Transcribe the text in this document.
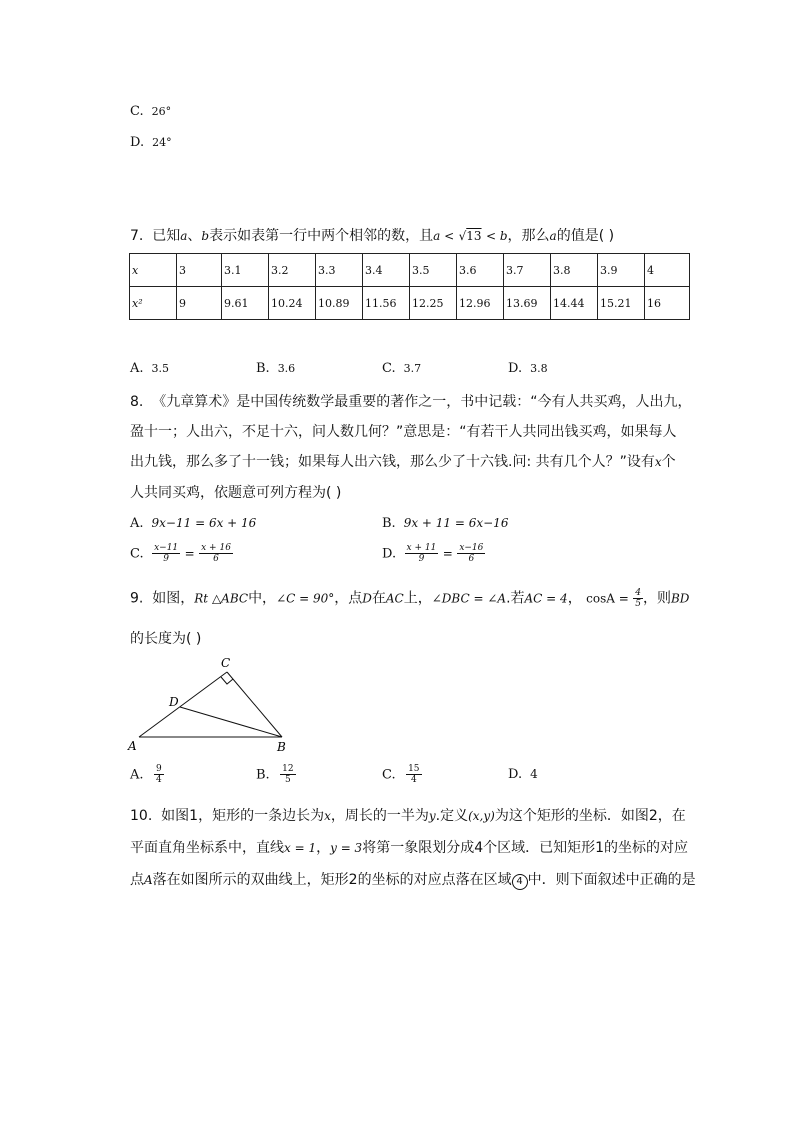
C. 26°
D. 24°
7. 已知a、b表示如表第一行中两个相邻的数，且a < √13 < b，那么a的值是( )
x	3	3.1	3.2	3.3	3.4	3.5	3.6	3.7	3.8	3.9	4
x²	9	9.61	10.24	10.89	11.56	12.25	12.96	13.69	14.44	15.21	16
A. 3.5	B. 3.6	C. 3.7	D. 3.8
8. 《九章算术》是中国传统数学最重要的著作之一，书中记载：“今有人共买鸡，人出九，
盈十一；人出六，不足十六，问人数几何？”意思是：“有若干人共同出钱买鸡，如果每人
出九钱，那么多了十一钱；如果每人出六钱，那么少了十六钱.问: 共有几个人？”设有x个
人共同买鸡，依题意可列方程为( )
A. 9x−11 = 6x + 16	B. 9x + 11 = 6x−16
C. $\frac{x-11}{9} = \frac{x + 16}{6}$	D. $\frac{x + 11}{9} = \frac{x-16}{6}$
9. 如图，Rt △ABC中，∠C = 90°，点D在AC上，∠DBC = ∠A.若AC = 4， $\cos A = \frac{4}{5}$ ，则BD
的长度为( )
A	B
C
D
A. $\frac{9}{4}$	B. $\frac{12}{5}$	C. $\frac{15}{4}$	D. 4
10. 如图1，矩形的一条边长为x，周长的一半为y.定义(x,y)为这个矩形的坐标．如图2，在
平面直角坐标系中，直线x = 1，y = 3将第一象限划分成4个区域．已知矩形1的坐标的对应
点A落在如图所示的双曲线上，矩形2的坐标的对应点落在区域 4 中．则下面叙述中正确的是
